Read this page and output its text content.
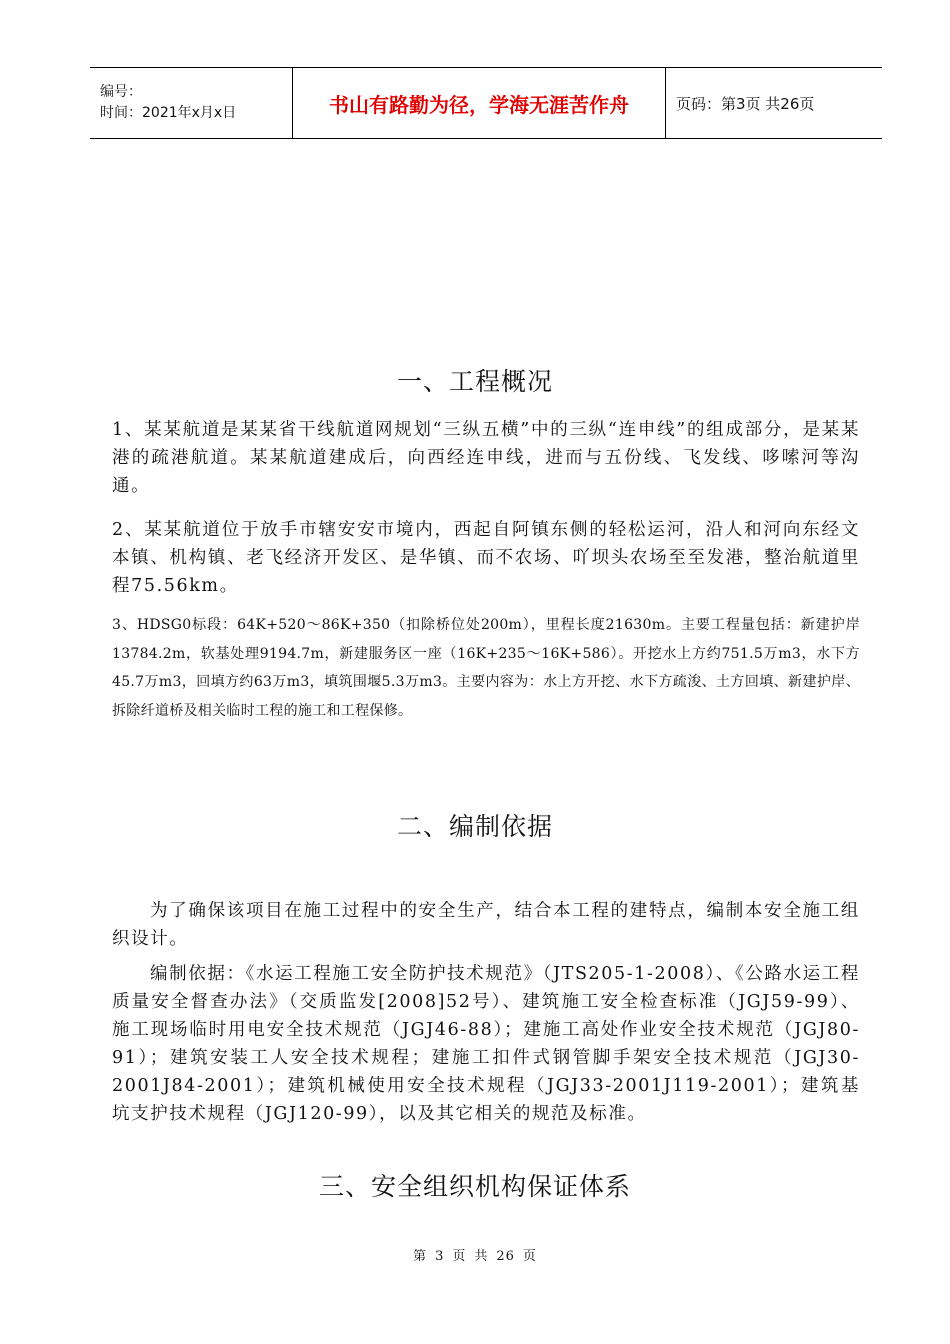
编号：
时间：2021年x月x日	书山有路勤为径，学海无涯苦作舟	页码：第3页 共26页
一、工程概况
1、某某航道是某某省干线航道网规划“三纵五横”中的三纵“连申线”的组成部分，是某某港的疏港航道。某某航道建成后，向西经连申线，进而与五份线、飞发线、哆嗦河等沟通。
2、某某航道位于放手市辖安安市境内，西起自阿镇东侧的轻松运河，沿人和河向东经文本镇、机构镇、老飞经济开发区、是华镇、而不农场、吖坝头农场至至发港，整治航道里程75.56km。
3、HDSG0标段：64K+520～86K+350（扣除桥位处200m），里程长度21630m。主要工程量包括：新建护岸13784.2m，软基处理9194.7m，新建服务区一座（16K+235～16K+586）。开挖水上方约751.5万m3，水下方45.7万m3，回填方约63万m3，填筑围堰5.3万m3。主要内容为：水上方开挖、水下方疏浚、土方回填、新建护岸、拆除纤道桥及相关临时工程的施工和工程保修。
二、编制依据
为了确保该项目在施工过程中的安全生产，结合本工程的建特点，编制本安全施工组织设计。
编制依据：《水运工程施工安全防护技术规范》（JTS205-1-2008）、《公路水运工程质量安全督查办法》（交质监发[2008]52号）、建筑施工安全检查标准（JGJ59-99）、施工现场临时用电安全技术规范（JGJ46-88）；建施工高处作业安全技术规范（JGJ80-91）；建筑安装工人安全技术规程；建施工扣件式钢管脚手架安全技术规范（JGJ30-2001J84-2001）；建筑机械使用安全技术规程（JGJ33-2001J119-2001）；建筑基坑支护技术规程（JGJ120-99），以及其它相关的规范及标准。
三、安全组织机构保证体系
第 3 页 共 26 页
